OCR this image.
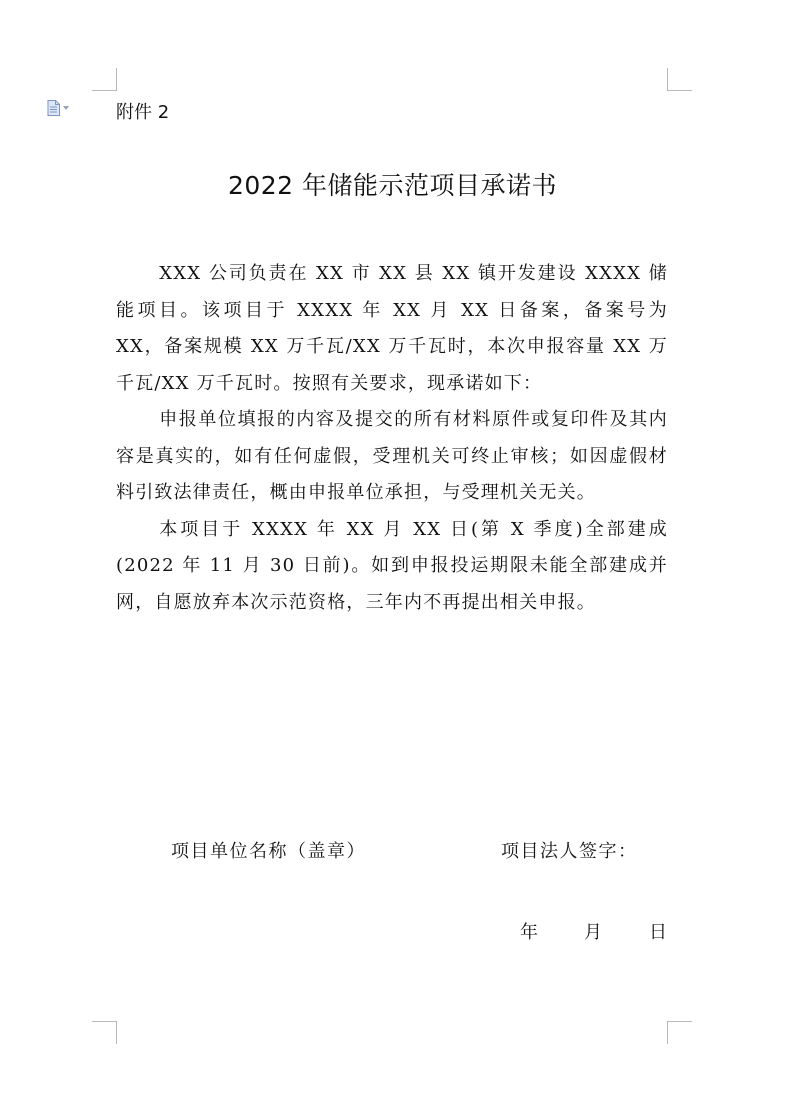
附件 2
2022 年储能示范项目承诺书

XXX 公司负责在 XX 市 XX 县 XX 镇开发建设 XXXX 储能项目。该项目于 XXXX 年 XX 月 XX 日备案，备案号为 XX，备案规模 XX 万千瓦/XX 万千瓦时，本次申报容量 XX 万千瓦/XX 万千瓦时。按照有关要求，现承诺如下：

申报单位填报的内容及提交的所有材料原件或复印件及其内容是真实的，如有任何虚假，受理机关可终止审核；如因虚假材料引致法律责任，概由申报单位承担，与受理机关无关。

本项目于 XXXX 年 XX 月 XX 日(第 X 季度)全部建成(2022 年 11 月 30 日前)。如到申报投运期限未能全部建成并网，自愿放弃本次示范资格，三年内不再提出相关申报。

项目单位名称（盖章）	项目法人签字：
年	月	日
